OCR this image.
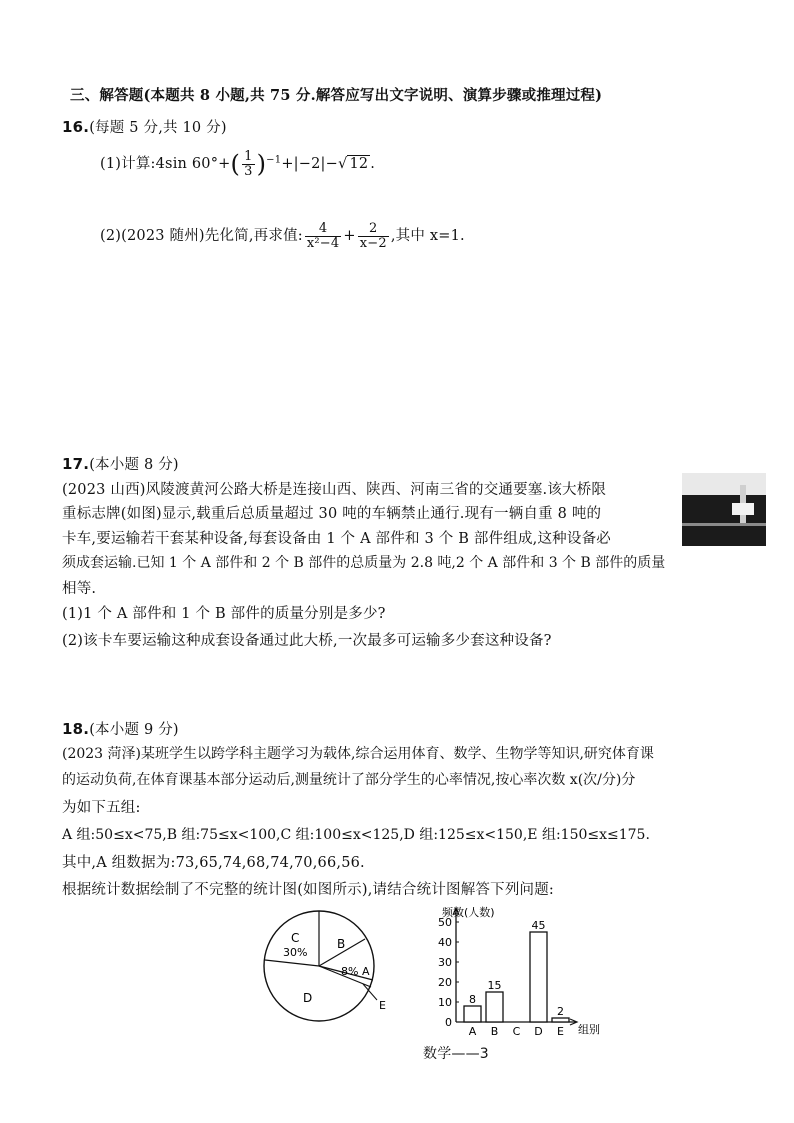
三、解答题(本题共 8 小题,共 75 分.解答应写出文字说明、演算步骤或推理过程)
16.(每题 5 分,共 10 分)
(1)计算:4sin $60^\circ+( \frac{1}{3} )^{-1}+|-2|-√$ 12 .
(2)(2023 随州)先化简,再求值: $\frac{4}{\text{x²−4}} + \frac{2}{x-2}$ ,其中 x=1.
17.(本小题 8 分)
(2023 山西)风陵渡黄河公路大桥是连接山西、陕西、河南三省的交通要塞.该大桥限
重标志牌(如图)显示,载重后总质量超过 30 吨的车辆禁止通行.现有一辆自重 8 吨的
卡车,要运输若干套某种设备,每套设备由 1 个 A 部件和 3 个 B 部件组成,这种设备必
须成套运输.已知 1 个 A 部件和 2 个 B 部件的总质量为 2.8 吨,2 个 A 部件和 3 个 B 部件的质量
相等.
(1)1 个 A 部件和 1 个 B 部件的质量分别是多少?
(2)该卡车要运输这种成套设备通过此大桥,一次最多可运输多少套这种设备?
18.(本小题 9 分)
(2023 菏泽)某班学生以跨学科主题学习为载体,综合运用体育、数学、生物学等知识,研究体育课
的运动负荷,在体育课基本部分运动后,测量统计了部分学生的心率情况,按心率次数 x(次/分)分
为如下五组:
A 组:50≤x<75,B 组:75≤x<100,C 组:100≤x<125,D 组:125≤x<150,E 组:150≤x≤175.
其中,A 组数据为:73,65,74,68,74,70,66,56.
根据统计数据绘制了不完整的统计图(如图所示),请结合统计图解答下列问题:
C
30%
B
8% A
D
E
0
10
20
30
40
50
8
15
45
2
A B C D E
频数(人数)
组别
数学——3
